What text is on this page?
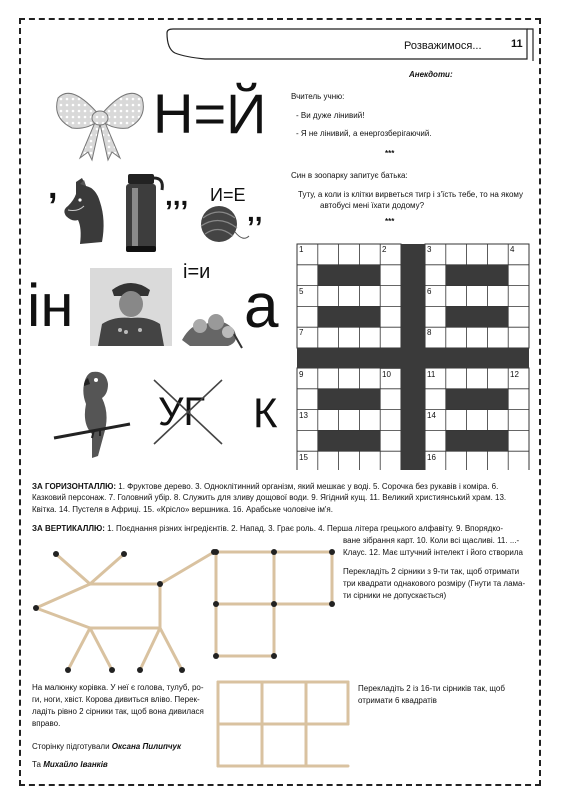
Розважимося...	11
Анекдоти:
Вчитель учню:
- Ви дуже лінивий!
- Я не лінивий, а енергозберігаючий.
***
Син в зоопарку запитує батька:
Туту, а коли із клітки вирветься тигр і з'їсть тебе, то на якому
автобусі мені їхати додому?
***
Н=Й
,	,,, И=Е
,,
ін	і=и а
УГ К
1	2	3	4
5	6
7	8
9	10	11	12
13	14
15	16
ЗА ГОРИЗОНТАЛЛЮ: 1. Фруктове дерево. 3. Одноклітинний організм, який мешкає у воді. 5. Сорочка без рукавів і коміра. 6.
Казковий персонаж. 7. Головний убір. 8. Служить для зливу дощової води. 9. Ягідний кущ. 11. Великий християнський храм. 13.
Квітка. 14. Пустеля в Африці. 15. «Крісло» вершника. 16. Арабське чоловіче ім'я.
ЗА ВЕРТИКАЛЛЮ: 1. Поєднання різних інгредієнтів. 2. Напад. 3. Грає роль. 4. Перша літера грецького алфавіту. 9. Впорядко-
ване зібрання карт. 10. Коли всі щасливі. 11. ...-
Клаус. 12. Має штучний інтелект і його створила
Перекладіть 2 сірники з 9-ти так, щоб отримати
три квадрати однакового розміру (Гнути та лама-
ти сірники не допускається)
На малюнку корівка. У неї є голова, тулуб, ро-
ги, ноги, хвіст. Корова дивиться вліво. Перек-
ладіть рівно 2 сірники так, щоб вона дивилася
вправо.
Перекладіть 2 із 16-ти сірників так, щоб
отримати 6 квадратів
Сторінку підготували Оксана Пилипчук
Та Михайло Іванків
